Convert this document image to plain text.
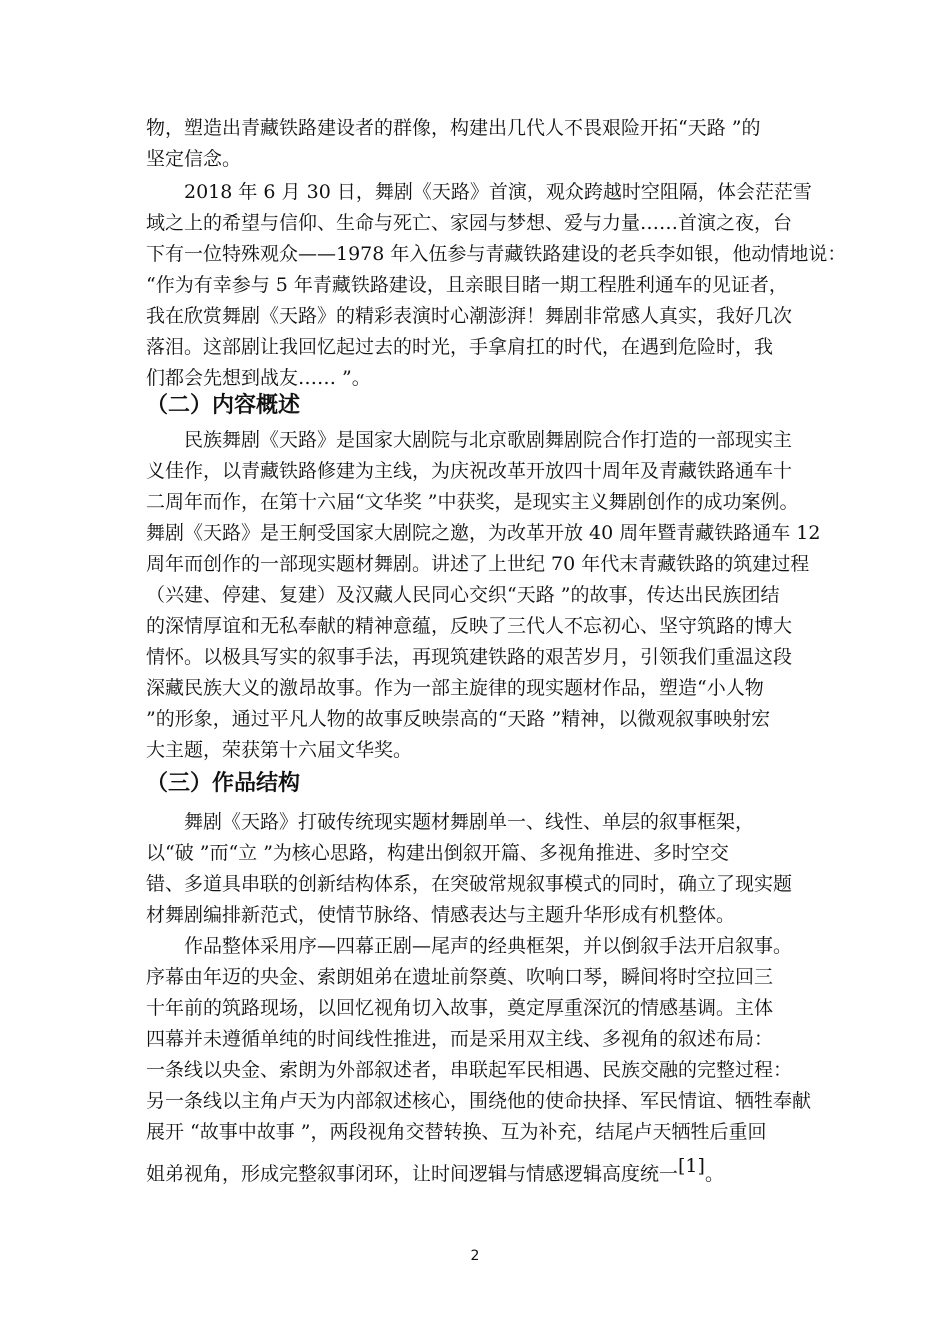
物，塑造出青藏铁路建设者的群像，构建出几代人不畏艰险开拓“天路 ”的
坚定信念。
2018 年 6 月 30 日，舞剧《天路》首演，观众跨越时空阻隔，体会茫茫雪
域之上的希望与信仰、生命与死亡、家园与梦想、爱与力量……首演之夜，台
下有一位特殊观众——1978 年入伍参与青藏铁路建设的老兵李如银，他动情地说：
“作为有幸参与 5 年青藏铁路建设，且亲眼目睹一期工程胜利通车的见证者，
我在欣赏舞剧《天路》的精彩表演时心潮澎湃！舞剧非常感人真实，我好几次
落泪。这部剧让我回忆起过去的时光，手拿肩扛的时代，在遇到危险时，我
们都会先想到战友…… ”。
（二）内容概述
民族舞剧《天路》是国家大剧院与北京歌剧舞剧院合作打造的一部现实主
义佳作，以青藏铁路修建为主线，为庆祝改革开放四十周年及青藏铁路通车十
二周年而作，在第十六届“文华奖 ”中获奖，是现实主义舞剧创作的成功案例。
舞剧《天路》是王舸受国家大剧院之邀，为改革开放 40 周年暨青藏铁路通车 12
周年而创作的一部现实题材舞剧。讲述了上世纪 70 年代末青藏铁路的筑建过程
（兴建、停建、复建）及汉藏人民同心交织“天路 ”的故事，传达出民族团结
的深情厚谊和无私奉献的精神意蕴，反映了三代人不忘初心、坚守筑路的博大
情怀。以极具写实的叙事手法，再现筑建铁路的艰苦岁月，引领我们重温这段
深藏民族大义的激昂故事。作为一部主旋律的现实题材作品，塑造“小人物
”的形象，通过平凡人物的故事反映崇高的“天路 ”精神，以微观叙事映射宏
大主题，荣获第十六届文华奖。
（三）作品结构
舞剧《天路》打破传统现实题材舞剧单一、线性、单层的叙事框架，
以“破 ”而“立 ”为核心思路，构建出倒叙开篇、多视角推进、多时空交
错、多道具串联的创新结构体系，在突破常规叙事模式的同时，确立了现实题
材舞剧编排新范式，使情节脉络、情感表达与主题升华形成有机整体。
作品整体采用序—四幕正剧—尾声的经典框架，并以倒叙手法开启叙事。
序幕由年迈的央金、索朗姐弟在遗址前祭奠、吹响口琴，瞬间将时空拉回三
十年前的筑路现场，以回忆视角切入故事，奠定厚重深沉的情感基调。主体
四幕并未遵循单纯的时间线性推进，而是采用双主线、多视角的叙述布局：
一条线以央金、索朗为外部叙述者，串联起军民相遇、民族交融的完整过程：
另一条线以主角卢天为内部叙述核心，围绕他的使命抉择、军民情谊、牺牲奉献
展开 “故事中故事 ”，两段视角交替转换、互为补充，结尾卢天牺牲后重回
姐弟视角，形成完整叙事闭环，让时间逻辑与情感逻辑高度统一[1]。
2
